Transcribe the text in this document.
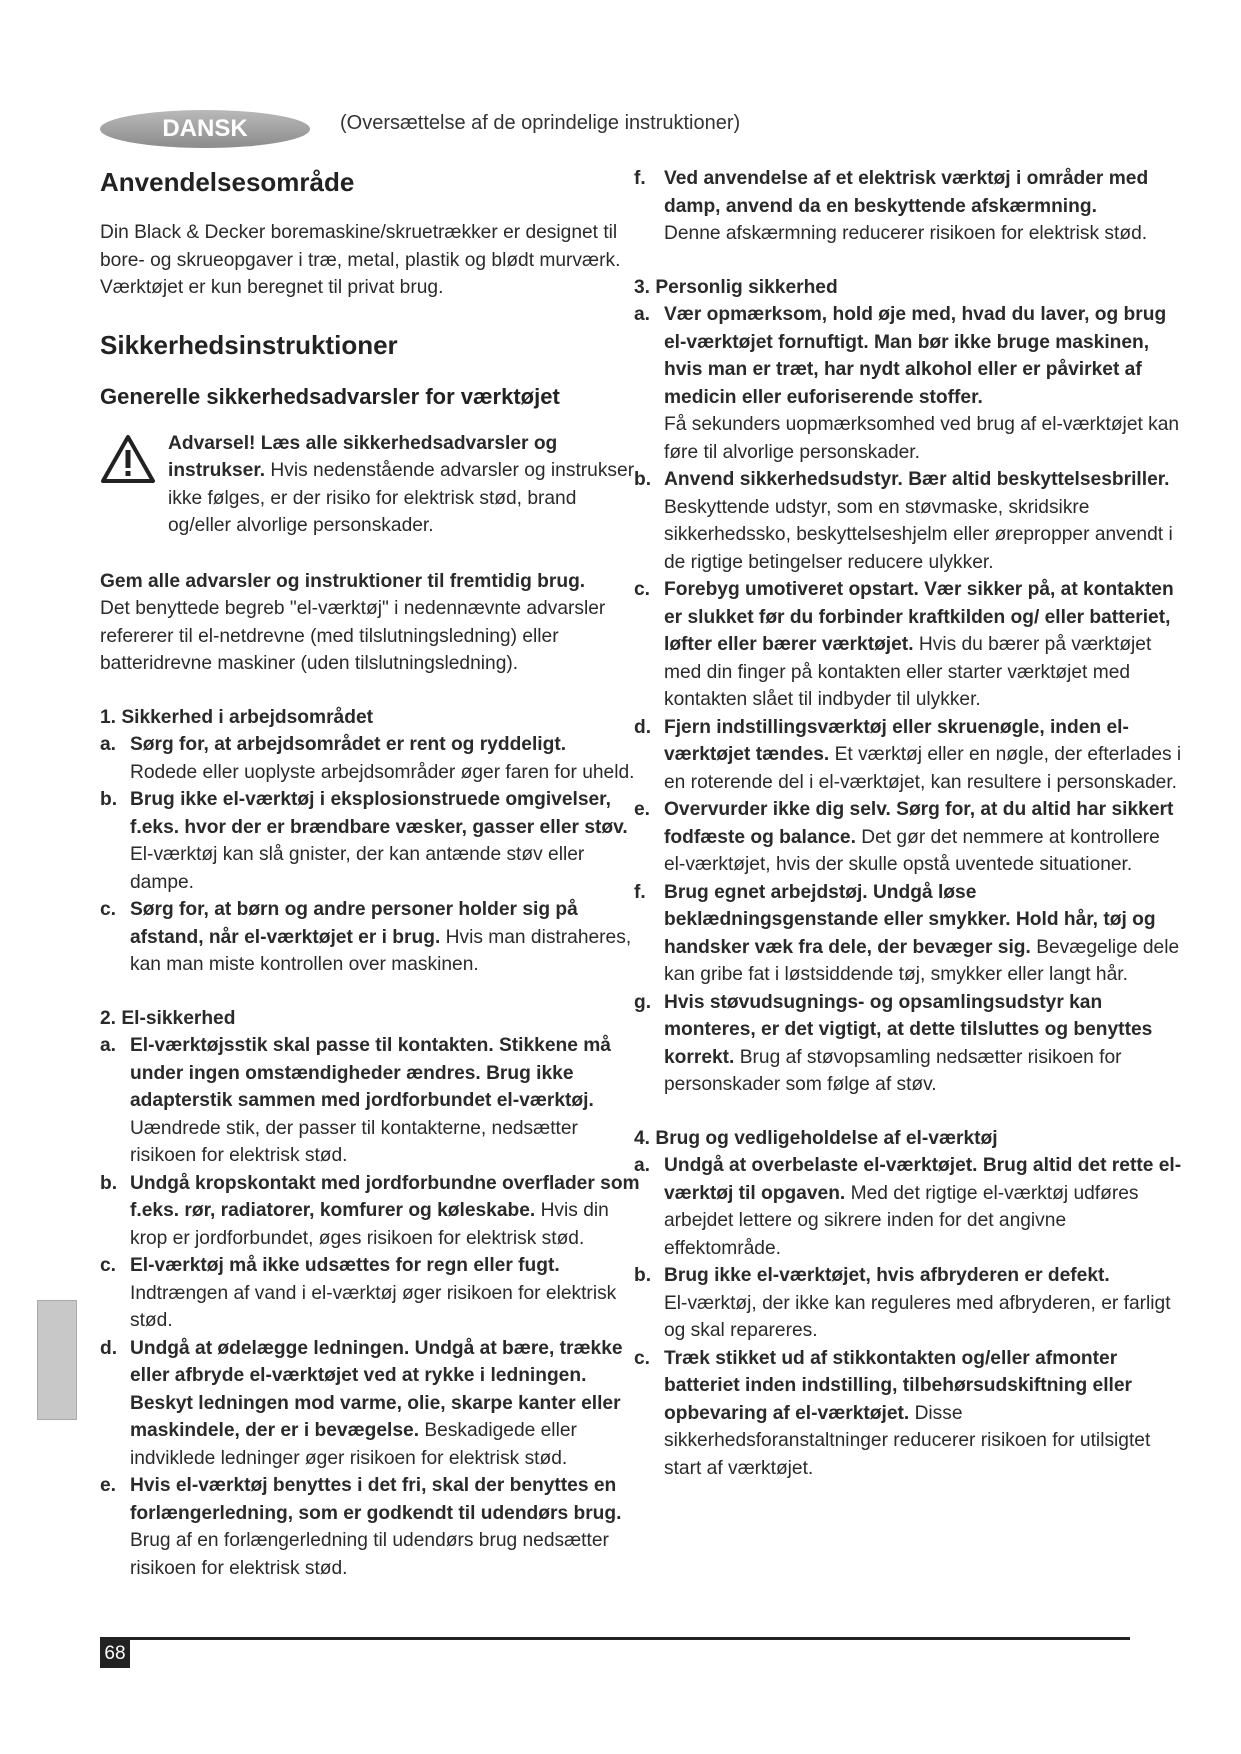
DANSK	(Oversættelse af de oprindelige instruktioner)
Anvendelsesområde

Din Black & Decker boremaskine/skruetrækker er designet til bore- og skrueopgaver i træ, metal, plastik og blødt murværk. Værktøjet er kun beregnet til privat brug.

Sikkerhedsinstruktioner
Generelle sikkerhedsadvarsler for værktøjet

Advarsel! Læs alle sikkerhedsadvarsler og instrukser. Hvis nedenstående advarsler og instrukser ikke følges, er der risiko for elektrisk stød, brand og/eller alvorlige personskader.

Gem alle advarsler og instruktioner til fremtidig brug.

Det benyttede begreb "el-værktøj" i nedennævnte advarsler refererer til el-netdrevne (med tilslutningsledning) eller batteridrevne maskiner (uden tilslutningsledning).

1. Sikkerhed i arbejdsområdet

a. Sørg for, at arbejdsområdet er rent og ryddeligt.
Rodede eller uoplyste arbejdsområder øger faren for uheld.

b. Brug ikke el-værktøj i eksplosionstruede omgivelser, f.eks. hvor der er brændbare væsker, gasser eller støv.
El-værktøj kan slå gnister, der kan antænde støv eller dampe.

c. Sørg for, at børn og andre personer holder sig på afstand, når el-værktøjet er i brug. Hvis man distraheres, kan man miste kontrollen over maskinen.

2. El-sikkerhed

a. El-værktøjsstik skal passe til kontakten. Stikkene må under ingen omstændigheder ændres. Brug ikke adapterstik sammen med jordforbundet el-værktøj.
Uændrede stik, der passer til kontakterne, nedsætter risikoen for elektrisk stød.

b. Undgå kropskontakt med jordforbundne overflader som f.eks. rør, radiatorer, komfurer og køleskabe. Hvis din krop er jordforbundet, øges risikoen for elektrisk stød.

c. El-værktøj må ikke udsættes for regn eller fugt.
Indtrængen af vand i el-værktøj øger risikoen for elektrisk stød.

d. Undgå at ødelægge ledningen. Undgå at bære, trække eller afbryde el-værktøjet ved at rykke i ledningen. Beskyt ledningen mod varme, olie, skarpe kanter eller maskindele, der er i bevægelse. Beskadigede eller indviklede ledninger øger risikoen for elektrisk stød.

e. Hvis el-værktøj benyttes i det fri, skal der benyttes en forlængerledning, som er godkendt til udendørs brug.
Brug af en forlængerledning til udendørs brug nedsætter risikoen for elektrisk stød.

f. Ved anvendelse af et elektrisk værktøj i områder med damp, anvend da en beskyttende afskærmning.
Denne afskærmning reducerer risikoen for elektrisk stød.

3. Personlig sikkerhed

a. Vær opmærksom, hold øje med, hvad du laver, og brug el-værktøjet fornuftigt. Man bør ikke bruge maskinen, hvis man er træt, har nydt alkohol eller er påvirket af medicin eller euforiserende stoffer.
Få sekunders uopmærksomhed ved brug af el-værktøjet kan føre til alvorlige personskader.

b. Anvend sikkerhedsudstyr. Bær altid beskyttelsesbriller.
Beskyttende udstyr, som en støvmaske, skridsikre sikkerhedssko, beskyttelseshjelm eller ørepropper anvendt i de rigtige betingelser reducere ulykker.

c. Forebyg umotiveret opstart. Vær sikker på, at kontakten er slukket før du forbinder kraftkilden og/ eller batteriet, løfter eller bærer værktøjet. Hvis du bærer på værktøjet med din finger på kontakten eller starter værktøjet med kontakten slået til indbyder til ulykker.

d. Fjern indstillingsværktøj eller skruenøgle, inden el-værktøjet tændes. Et værktøj eller en nøgle, der efterlades i en roterende del i el-værktøjet, kan resultere i personskader.

e. Overvurder ikke dig selv. Sørg for, at du altid har sikkert fodfæste og balance. Det gør det nemmere at kontrollere el-værktøjet, hvis der skulle opstå uventede situationer.

f. Brug egnet arbejdstøj. Undgå løse beklædningsgenstande eller smykker. Hold hår, tøj og handsker væk fra dele, der bevæger sig. Bevægelige dele kan gribe fat i løstsiddende tøj, smykker eller langt hår.

g. Hvis støvudsugnings- og opsamlingsudstyr kan monteres, er det vigtigt, at dette tilsluttes og benyttes korrekt. Brug af støvopsamling nedsætter risikoen for personskader som følge af støv.

4. Brug og vedligeholdelse af el-værktøj

a. Undgå at overbelaste el-værktøjet. Brug altid det rette el-værktøj til opgaven. Med det rigtige el-værktøj udføres arbejdet lettere og sikrere inden for det angivne effektområde.

b. Brug ikke el-værktøjet, hvis afbryderen er defekt.
El-værktøj, der ikke kan reguleres med afbryderen, er farligt og skal repareres.

c. Træk stikket ud af stikkontakten og/eller afmonter batteriet inden indstilling, tilbehørsudskiftning eller opbevaring af el-værktøjet. Disse sikkerhedsforanstaltninger reducerer risikoen for utilsigtet start af værktøjet.

68
